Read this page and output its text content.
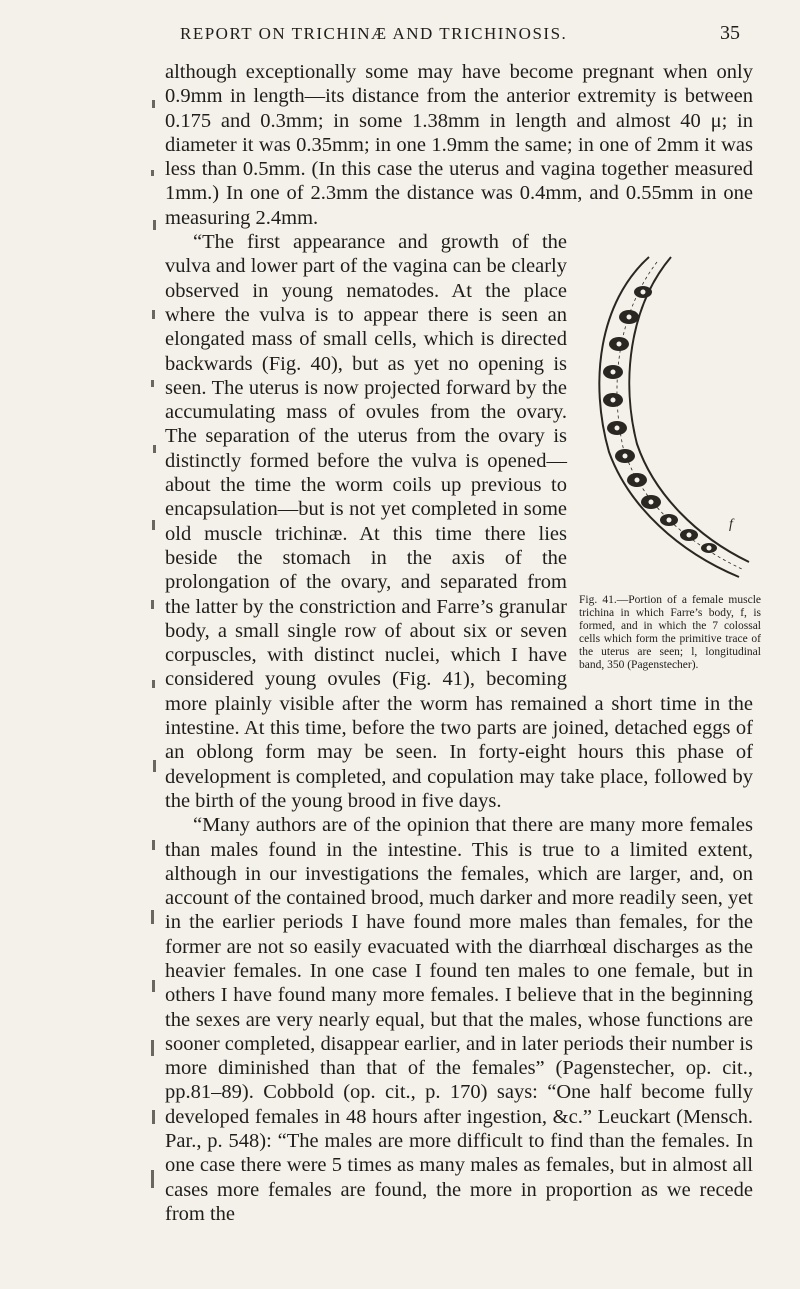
REPORT ON TRICHINÆ AND TRICHINOSIS.	35

although exceptionally some may have become pregnant when only 0.9mm in length—its distance from the anterior extremity is between 0.175 and 0.3mm; in some 1.38mm in length and almost 40 μ; in diameter it was 0.35mm; in one 1.9mm the same; in one of 2mm it was less than 0.5mm. (In this case the uterus and vagina together measured 1mm.) In one of 2.3mm the distance was 0.4mm, and 0.55mm in one measuring 2.4mm.

f
Fig. 41.—Portion of a female muscle trichina in which Farre’s body, f, is formed, and in which the 7 colossal cells which form the primitive trace of the uterus are seen; l, longitudinal band, 350 (Pagenstecher).

“The first appearance and growth of the vulva and lower part of the vagina can be clearly observed in young nematodes. At the place where the vulva is to appear there is seen an elongated mass of small cells, which is directed backwards (Fig. 40), but as yet no opening is seen. The uterus is now projected forward by the accumulating mass of ovules from the ovary. The separation of the uterus from the ovary is distinctly formed before the vulva is opened—about the time the worm coils up previous to encapsulation—but is not yet completed in some old muscle trichinæ. At this time there lies beside the stomach in the axis of the prolongation of the ovary, and separated from the latter by the constriction and Farre’s granular body, a small single row of about six or seven corpuscles, with distinct nuclei, which I have considered young ovules (Fig. 41), becoming more plainly visible after the worm has remained a short time in the intestine. At this time, before the two parts are joined, detached eggs of an oblong form may be seen. In forty-eight hours this phase of development is completed, and copulation may take place, followed by the birth of the young brood in five days.

“Many authors are of the opinion that there are many more females than males found in the intestine. This is true to a limited extent, although in our investigations the females, which are larger, and, on account of the contained brood, much darker and more readily seen, yet in the earlier periods I have found more males than females, for the former are not so easily evacuated with the diarrhœal discharges as the heavier females. In one case I found ten males to one female, but in others I have found many more females. I believe that in the beginning the sexes are very nearly equal, but that the males, whose functions are sooner completed, disappear earlier, and in later periods their number is more diminished than that of the females” (Pagenstecher, op. cit., pp.81–89). Cobbold (op. cit., p. 170) says: “One half become fully developed females in 48 hours after ingestion, &c.” Leuckart (Mensch. Par., p. 548): “The males are more difficult to find than the females. In one case there were 5 times as many males as females, but in almost all cases more females are found, the more in proportion as we recede from the
